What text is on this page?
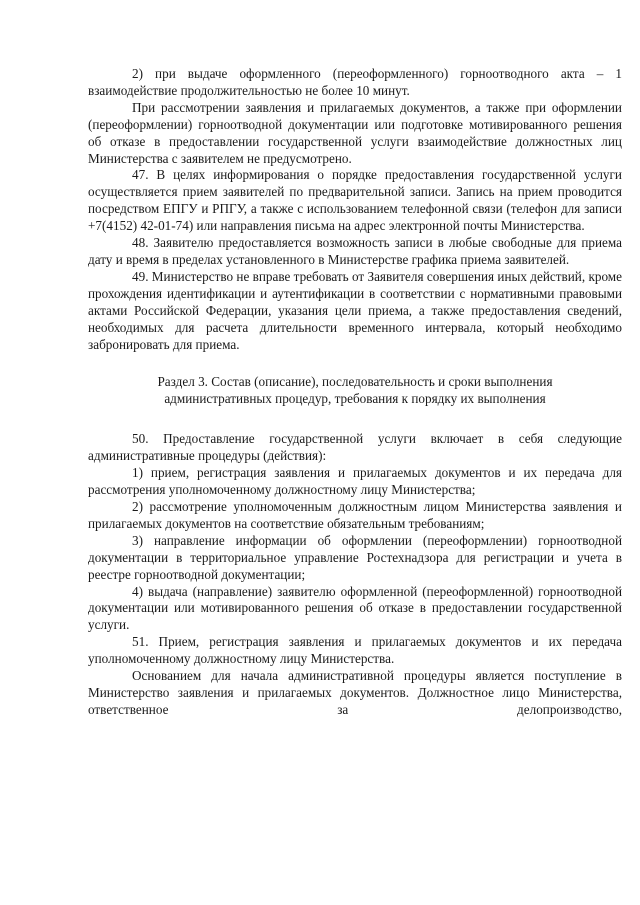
2) при выдаче оформленного (переоформленного) горноотводного акта – 1 взаимодействие продолжительностью не более 10 минут.

При рассмотрении заявления и прилагаемых документов, а также при оформлении (переоформлении) горноотводной документации или подготовке мотивированного решения об отказе в предоставлении государственной услуги взаимодействие должностных лиц Министерства с заявителем не предусмотрено.

47. В целях информирования о порядке предоставления государственной услуги осуществляется прием заявителей по предварительной записи. Запись на прием проводится посредством ЕПГУ и РПГУ, а также с использованием телефонной связи (телефон для записи +7(4152) 42-01-74) или направления письма на адрес электронной почты Министерства.

48. Заявителю предоставляется возможность записи в любые свободные для приема дату и время в пределах установленного в Министерстве графика приема заявителей.

49. Министерство не вправе требовать от Заявителя совершения иных действий, кроме прохождения идентификации и аутентификации в соответствии с нормативными правовыми актами Российской Федерации, указания цели приема, а также предоставления сведений, необходимых для расчета длительности временного интервала, который необходимо забронировать для приема.

Раздел 3. Состав (описание), последовательность и сроки выполнения
административных процедур, требования к порядку их выполнения

50. Предоставление государственной услуги включает в себя следующие административные процедуры (действия):

1) прием, регистрация заявления и прилагаемых документов и их передача для рассмотрения уполномоченному должностному лицу Министерства;

2) рассмотрение уполномоченным должностным лицом Министерства заявления и прилагаемых документов на соответствие обязательным требованиям;

3) направление информации об оформлении (переоформлении) горноотводной документации в территориальное управление Ростехнадзора для регистрации и учета в реестре горноотводной документации;

4) выдача (направление) заявителю оформленной (переоформленной) горноотводной документации или мотивированного решения об отказе в предоставлении государственной услуги.

51. Прием, регистрация заявления и прилагаемых документов и их передача уполномоченному должностному лицу Министерства.

Основанием для начала административной процедуры является поступление в Министерство заявления и прилагаемых документов. Должностное лицо Министерства, ответственное за делопроизводство,
